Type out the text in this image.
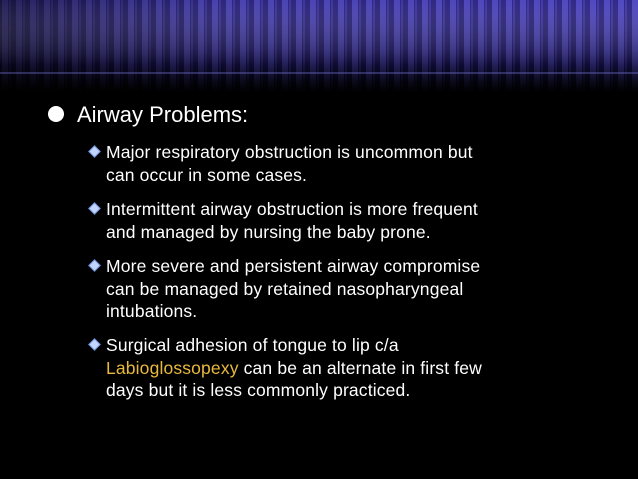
Airway Problems:
Major respiratory obstruction is uncommon but
can occur in some cases.
Intermittent airway obstruction is more frequent
and managed by nursing the baby prone.
More severe and persistent airway compromise
can be managed by retained nasopharyngeal
intubations.
Surgical adhesion of tongue to lip c/a
Labioglossopexy can be an alternate in first few
days but it is less commonly practiced.
